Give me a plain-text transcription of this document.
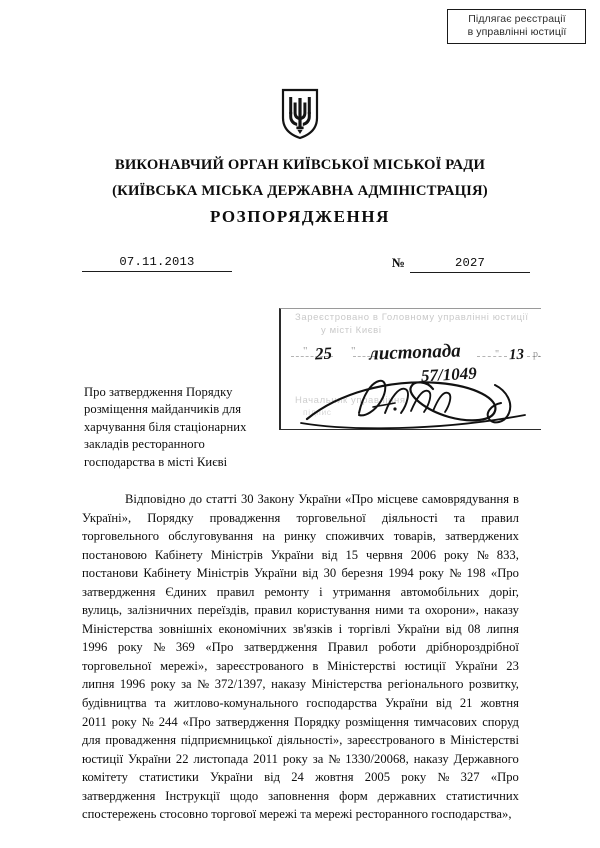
Підлягає реєстрації
в управлінні юстиції
ВИКОНАВЧИЙ ОРГАН КИЇВСЬКОЇ МІСЬКОЇ РАДИ
(КИЇВСЬКА МІСЬКА ДЕРЖАВНА АДМІНІСТРАЦІЯ)
РОЗПОРЯДЖЕННЯ
07.11.2013	№	2027
Зареєстровано в Головному управлінні юстиції
у місті Києві
" 25 " листопада	" 13 р.
57/1049
Начальник управління
підпис
Про затвердження Порядку
розміщення майданчиків для
харчування біля стаціонарних
закладів ресторанного
господарства в місті Києві
Відповідно до статті 30 Закону України «Про місцеве самоврядування в
Україні», Порядку провадження торговельної діяльності та правил
торговельного обслуговування на ринку споживчих товарів, затверджених
постановою Кабінету Міністрів України від 15 червня 2006 року № 833,
постанови Кабінету Міністрів України від 30 березня 1994 року № 198 «Про
затвердження Єдиних правил ремонту і утримання автомобільних доріг,
вулиць, залізничних переїздів, правил користування ними та охорони», наказу
Міністерства зовнішніх економічних зв'язків і торгівлі України від 08 липня
1996 року № 369 «Про затвердження Правил роботи дрібнороздрібної
торговельної мережі», зареєстрованого в Міністерстві юстиції України 23
липня 1996 року за № 372/1397, наказу Міністерства регіонального розвитку,
будівництва та житлово-комунального господарства України від 21 жовтня
2011 року № 244 «Про затвердження Порядку розміщення тимчасових споруд
для провадження підприємницької діяльності», зареєстрованого в Міністерстві
юстиції України 22 листопада 2011 року за № 1330/20068, наказу Державного
комітету статистики України від 24 жовтня 2005 року № 327 «Про
затвердження Інструкції щодо заповнення форм державних статистичних
спостережень стосовно торгової мережі та мережі ресторанного господарства»,
